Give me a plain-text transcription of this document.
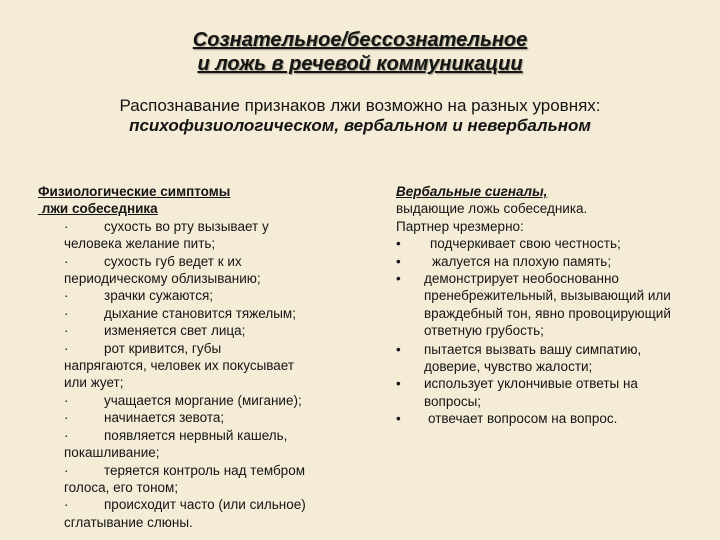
Сознательное/бессознательное
и ложь в речевой коммуникации
Распознавание признаков лжи возможно на разных уровнях:
психофизиологическом, вербальном и невербальном
Физиологические симптомы
лжи собеседника
·	сухость во рту вызывает у
человека желание пить;
·	сухость губ ведет к их
периодическому облизыванию;
·	зрачки сужаются;
·	дыхание становится тяжелым;
·	изменяется свет лица;
·	рот кривится, губы
напрягаются, человек их покусывает
или жует;
·	учащается моргание (мигание);
·	начинается зевота;
·	появляется нервный кашель,
покашливание;
·	теряется контроль над тембром
голоса, его тоном;
·	происходит часто (или сильное)
сглатывание слюны.
Вербальные сигналы,
выдающие ложь собеседника.
Партнер чрезмерно:
•	подчеркивает свою честность;
•	жалуется на плохую память;
• демонстрирует необоснованно пренебрежительный, вызывающий или враждебный тон, явно провоцирующий ответную грубость;
• пытается вызвать вашу симпатию, доверие, чувство жалости;
• использует уклончивые ответы на вопросы;
• отвечает вопросом на вопрос.
